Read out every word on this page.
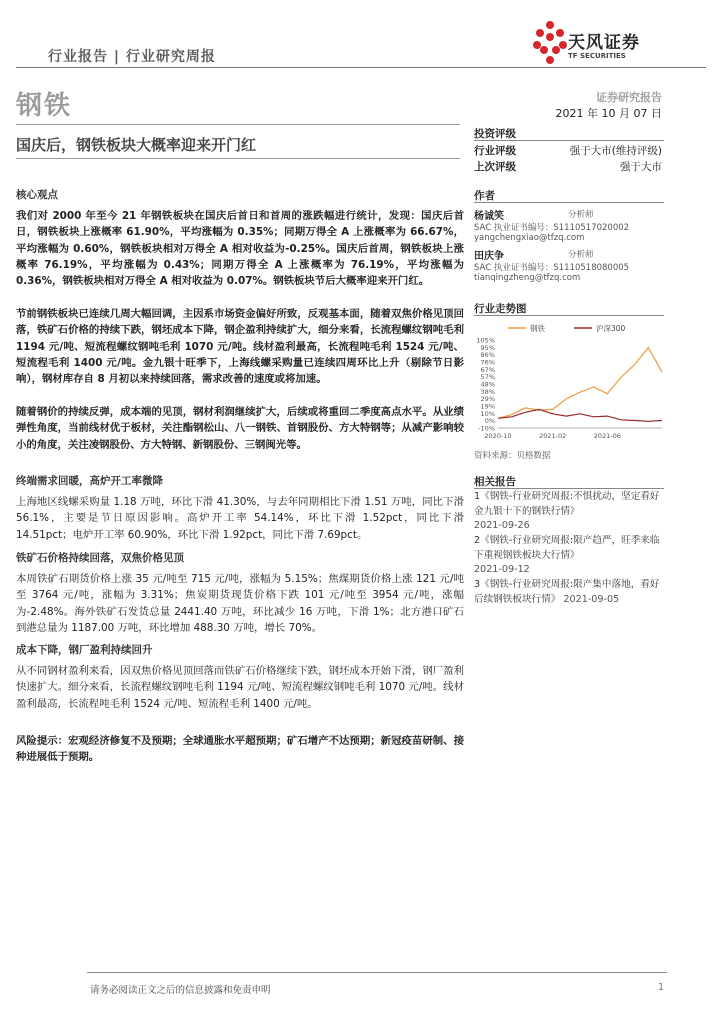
行业报告 | 行业研究周报
天风证券
TF SECURITIES
钢铁	证券研究报告
2021 年 10 月 07 日
国庆后，钢铁板块大概率迎来开门红
投资评级
行业评级	强于大市(维持评级)
上次评级	强于大市
作者
杨诚笑	分析师
SAC 执业证书编号：S1110517020002
yangchengxiao@tfzq.com
田庆争	分析师
SAC 执业证书编号：S1110518080005
tianqingzheng@tfzq.com
行业走势图
105%
95%
86%
76%
67%
57%
48%
38%
29%
19%
10%
0%
-10%
2020-10	2021-02	2021-06
钢铁	沪深300
资料来源：贝格数据
相关报告
1《钢铁-行业研究周报:不惧扰动，坚定看好金九银十下的钢铁行情》
2021-09-26
2《钢铁-行业研究周报:限产趋严，旺季来临下重视钢铁板块大行情》
2021-09-12
3《钢铁-行业研究周报:限产集中落地，看好后续钢铁板块行情》 2021-09-05
核心观点
我们对 2000 年至今 21 年钢铁板块在国庆后首日和首周的涨跌幅进行统计，发现：国庆后首日，钢铁板块上涨概率 61.90%，平均涨幅为 0.35%；同期万得全 A 上涨概率为 66.67%，平均涨幅为 0.60%，钢铁板块相对万得全 A 相对收益为-0.25%。国庆后首周，钢铁板块上涨概率 76.19%，平均涨幅为 0.43%；同期万得全 A 上涨概率为 76.19%，平均涨幅为 0.36%，钢铁板块相对万得全 A 相对收益为 0.07%。钢铁板块节后大概率迎来开门红。
节前钢铁板块已连续几周大幅回调，主因系市场资金偏好所致，反观基本面，随着双焦价格见顶回落，铁矿石价格的持续下跌，钢坯成本下降，钢企盈利持续扩大，细分来看，长流程螺纹钢吨毛利 1194 元/吨、短流程螺纹钢吨毛利 1070 元/吨。线材盈利最高，长流程吨毛利 1524 元/吨、短流程毛利 1400 元/吨。金九银十旺季下，上海线螺采购量已连续四周环比上升（剔除节日影响），钢材库存自 8 月初以来持续回落，需求改善的速度或将加速。
随着钢价的持续反弹，成本端的见顶，钢材利润继续扩大，后续或将重回二季度高点水平。从业绩弹性角度，当前线材优于板材，关注酯钢松山、八一钢铁、首钢股份、方大特钢等；从减产影响较小的角度，关注凌钢股份、方大特钢、新钢股份、三钢闽光等。
终端需求回暖，高炉开工率微降
上海地区线螺采购量 1.18 万吨，环比下滑 41.30%，与去年同期相比下滑 1.51 万吨，同比下滑 56.1%，主要是节日原因影响。高炉开工率 54.14%，环比下滑 1.52pct，同比下滑 14.51pct；电炉开工率 60.90%，环比下滑 1.92pct，同比下滑 7.69pct。
铁矿石价格持续回落，双焦价格见顶
本周铁矿石期货价格上涨 35 元/吨至 715 元/吨，涨幅为 5.15%；焦煤期货价格上涨 121 元/吨至 3764 元/吨，涨幅为 3.31%；焦炭期货现货价格下跌 101 元/吨至 3954 元/吨，涨幅为-2.48%。海外铁矿石发货总量 2441.40 万吨，环比减少 16 万吨，下滑 1%；北方港口矿石到港总量为 1187.00 万吨，环比增加 488.30 万吨，增长 70%。
成本下降，钢厂盈利持续回升
从不同钢材盈利来看，因双焦价格见顶回落而铁矿石价格继续下跌，钢坯成本开始下滑，钢厂盈利快速扩大。细分来看，长流程螺纹钢吨毛利 1194 元/吨、短流程螺纹钢吨毛利 1070 元/吨。线材盈利最高，长流程吨毛利 1524 元/吨、短流程毛利 1400 元/吨。
风险提示：宏观经济修复不及预期；全球通胀水平超预期；矿石增产不达预期；新冠疫苗研制、接种进展低于预期。
请务必阅读正文之后的信息披露和免责申明	1
